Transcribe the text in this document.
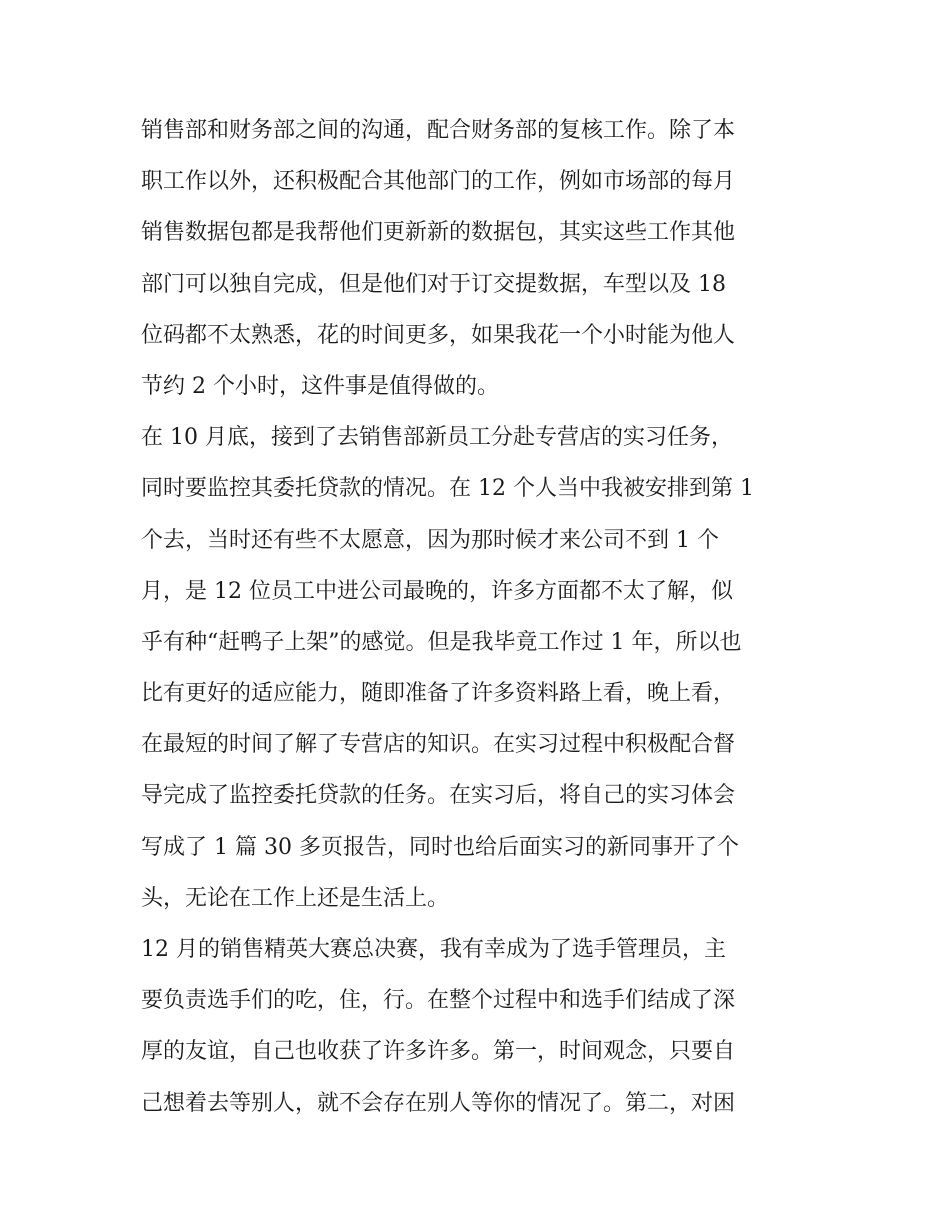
销售部和财务部之间的沟通，配合财务部的复核工作。除了本
职工作以外，还积极配合其他部门的工作，例如市场部的每月
销售数据包都是我帮他们更新新的数据包，其实这些工作其他
部门可以独自完成，但是他们对于订交提数据，车型以及 18
位码都不太熟悉，花的时间更多，如果我花一个小时能为他人
节约 2 个小时，这件事是值得做的。
在 10 月底，接到了去销售部新员工分赴专营店的实习任务，
同时要监控其委托贷款的情况。在 12 个人当中我被安排到第 1
个去，当时还有些不太愿意，因为那时候才来公司不到 1 个
月，是 12 位员工中进公司最晚的，许多方面都不太了解，似
乎有种“赶鸭子上架”的感觉。但是我毕竟工作过 1 年，所以也
比有更好的适应能力，随即准备了许多资料路上看，晚上看，
在最短的时间了解了专营店的知识。在实习过程中积极配合督
导完成了监控委托贷款的任务。在实习后，将自己的实习体会
写成了 1 篇 30 多页报告，同时也给后面实习的新同事开了个
头，无论在工作上还是生活上。
12 月的销售精英大赛总决赛，我有幸成为了选手管理员，主
要负责选手们的吃，住，行。在整个过程中和选手们结成了深
厚的友谊，自己也收获了许多许多。第一，时间观念，只要自
己想着去等别人，就不会存在别人等你的情况了。第二，对困
